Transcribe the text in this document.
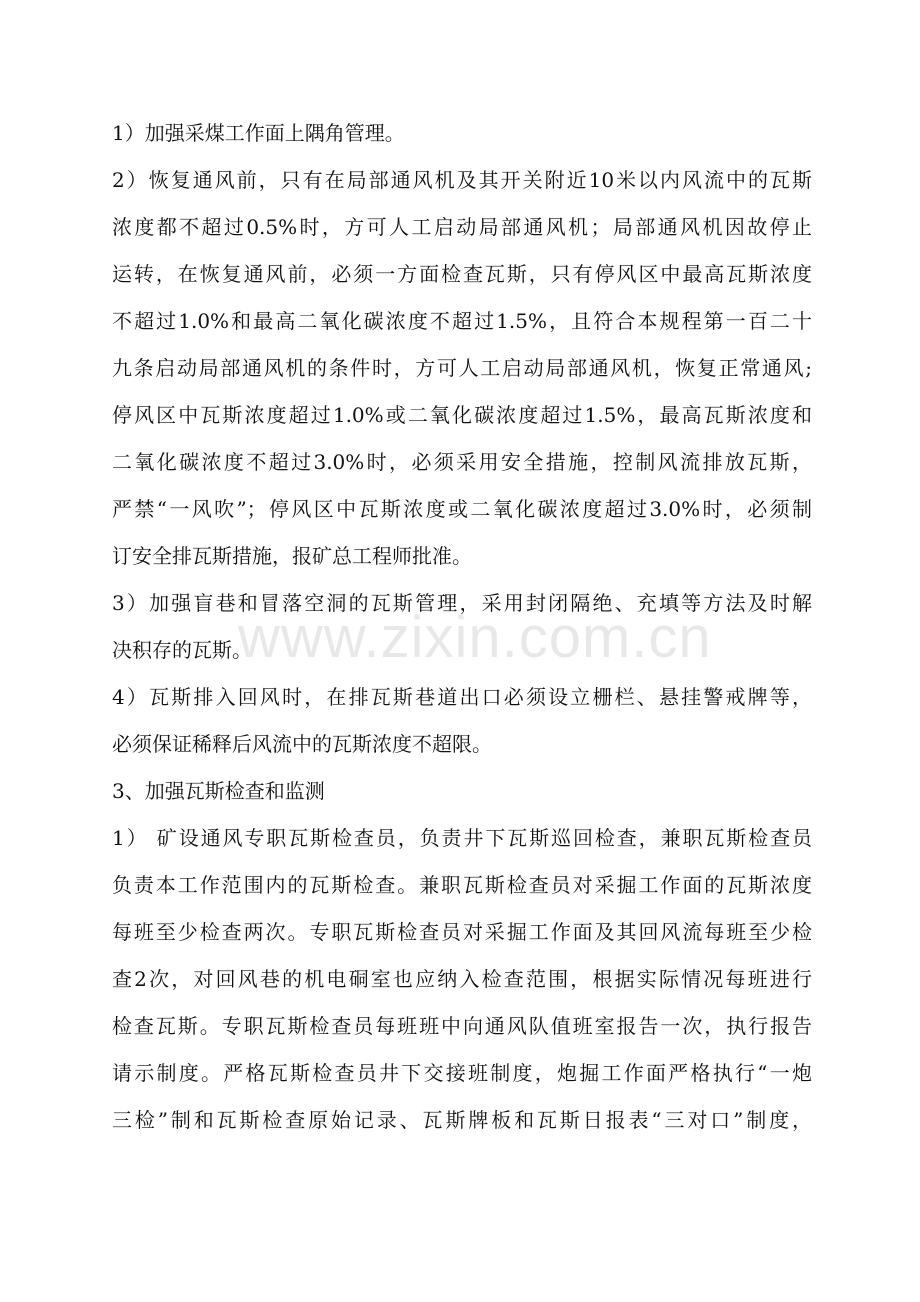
www.zixin.com.cn
1）加强采煤工作面上隅角管理。
2）恢复通风前，只有在局部通风机及其开关附近10米以内风流中的瓦斯
浓度都不超过0.5%时，方可人工启动局部通风机；局部通风机因故停止
运转，在恢复通风前，必须一方面检查瓦斯，只有停风区中最高瓦斯浓度
不超过1.0%和最高二氧化碳浓度不超过1.5%，且符合本规程第一百二十
九条启动局部通风机的条件时，方可人工启动局部通风机，恢复正常通风;
停风区中瓦斯浓度超过1.0%或二氧化碳浓度超过1.5%，最高瓦斯浓度和
二氧化碳浓度不超过3.0%时，必须采用安全措施，控制风流排放瓦斯，
严禁“一风吹”；停风区中瓦斯浓度或二氧化碳浓度超过3.0%时，必须制
订安全排瓦斯措施，报矿总工程师批准。
3）加强盲巷和冒落空洞的瓦斯管理，采用封闭隔绝、充填等方法及时解
决积存的瓦斯。
4）瓦斯排入回风时，在排瓦斯巷道出口必须设立栅栏、悬挂警戒牌等，
必须保证稀释后风流中的瓦斯浓度不超限。
3、加强瓦斯检查和监测
1） 矿设通风专职瓦斯检查员，负责井下瓦斯巡回检查，兼职瓦斯检查员
负责本工作范围内的瓦斯检查。兼职瓦斯检查员对采掘工作面的瓦斯浓度
每班至少检查两次。专职瓦斯检查员对采掘工作面及其回风流每班至少检
查2次，对回风巷的机电硐室也应纳入检查范围，根据实际情况每班进行
检查瓦斯。专职瓦斯检查员每班班中向通风队值班室报告一次，执行报告
请示制度。严格瓦斯检查员井下交接班制度，炮掘工作面严格执行“一炮
三检”制和瓦斯检查原始记录、瓦斯牌板和瓦斯日报表“三对口”制度，
